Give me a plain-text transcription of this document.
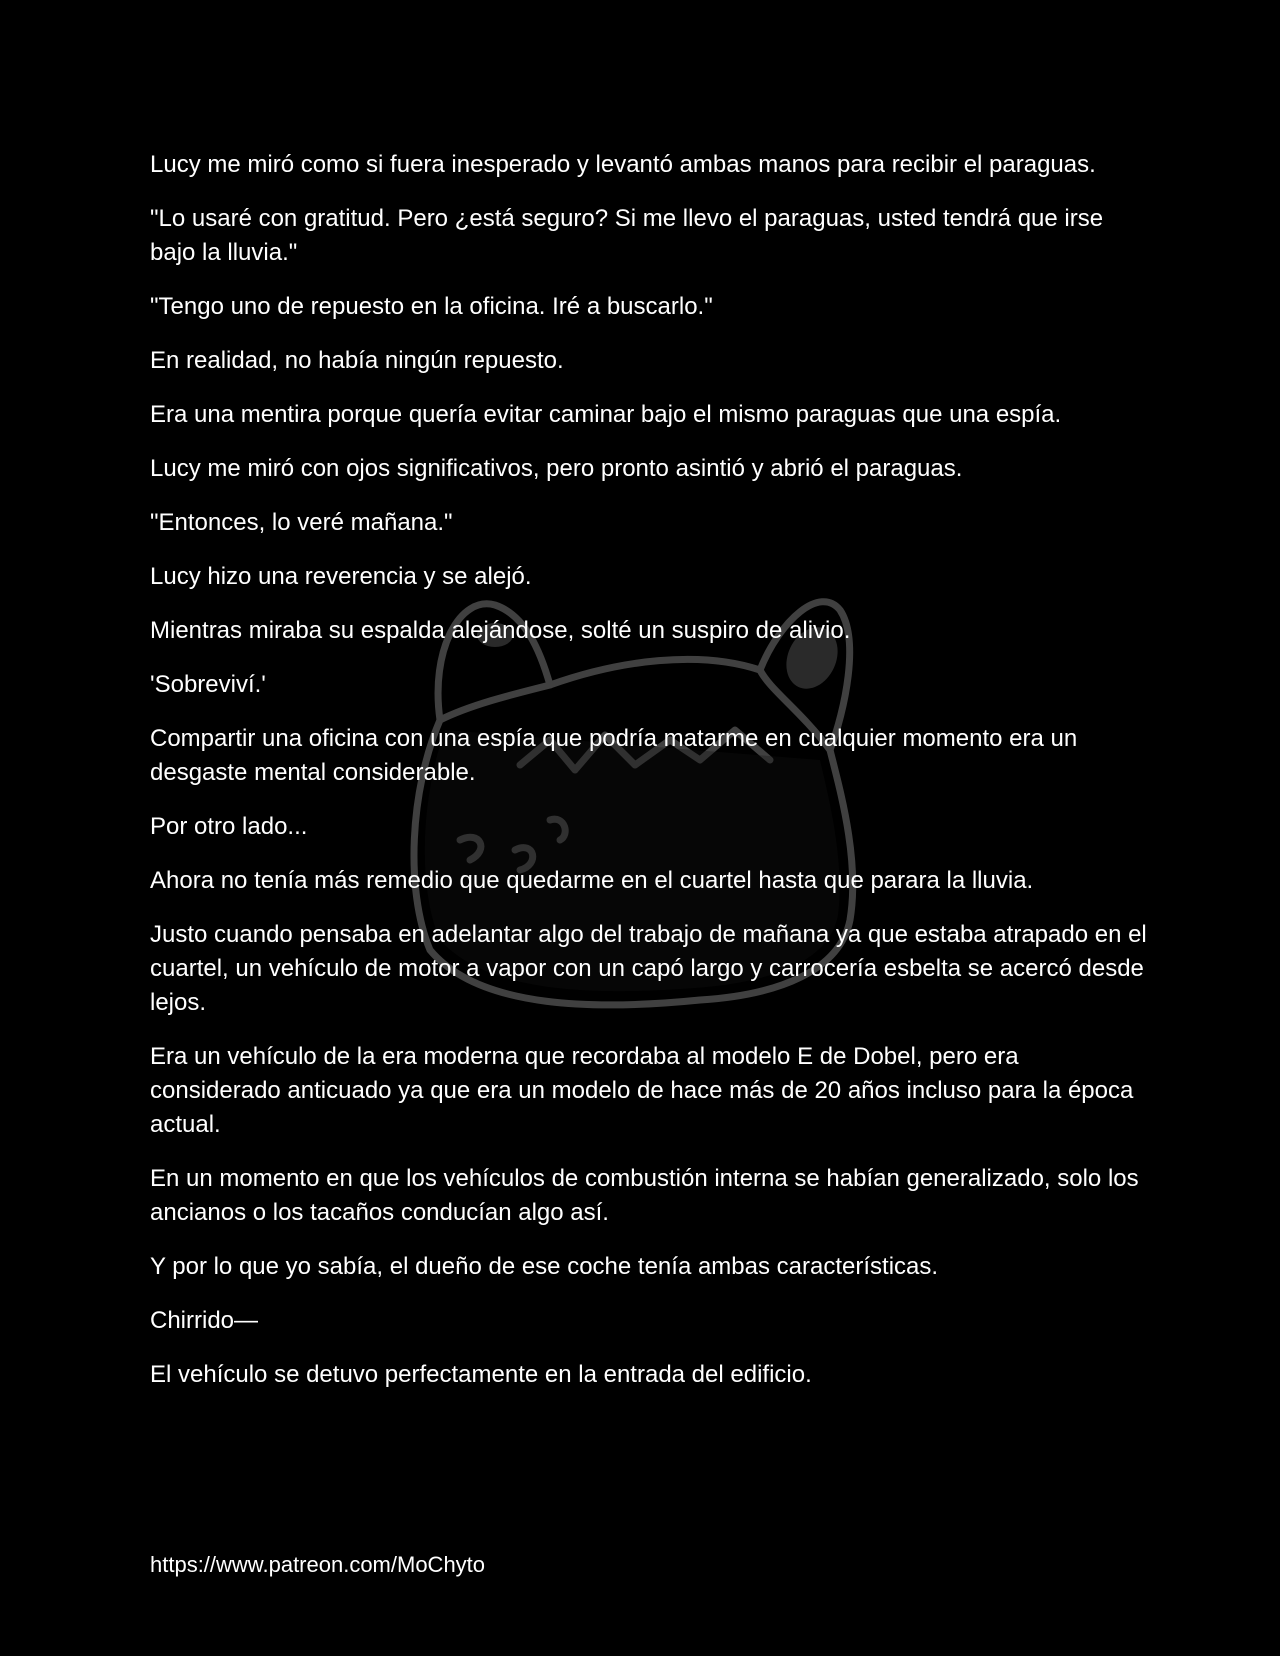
Lucy me miró como si fuera inesperado y levantó ambas manos para recibir el paraguas.

"Lo usaré con gratitud. Pero ¿está seguro? Si me llevo el paraguas, usted tendrá que irse bajo la lluvia."

"Tengo uno de repuesto en la oficina. Iré a buscarlo."

En realidad, no había ningún repuesto.

Era una mentira porque quería evitar caminar bajo el mismo paraguas que una espía.

Lucy me miró con ojos significativos, pero pronto asintió y abrió el paraguas.

"Entonces, lo veré mañana."

Lucy hizo una reverencia y se alejó.

Mientras miraba su espalda alejándose, solté un suspiro de alivio.

'Sobreviví.'

Compartir una oficina con una espía que podría matarme en cualquier momento era un desgaste mental considerable.

Por otro lado...

Ahora no tenía más remedio que quedarme en el cuartel hasta que parara la lluvia.

Justo cuando pensaba en adelantar algo del trabajo de mañana ya que estaba atrapado en el cuartel, un vehículo de motor a vapor con un capó largo y carrocería esbelta se acercó desde lejos.

Era un vehículo de la era moderna que recordaba al modelo E de Dobel, pero era considerado anticuado ya que era un modelo de hace más de 20 años incluso para la época actual.

En un momento en que los vehículos de combustión interna se habían generalizado, solo los ancianos o los tacaños conducían algo así.

Y por lo que yo sabía, el dueño de ese coche tenía ambas características.

Chirrido—

El vehículo se detuvo perfectamente en la entrada del edificio.

https://www.patreon.com/MoChyto
